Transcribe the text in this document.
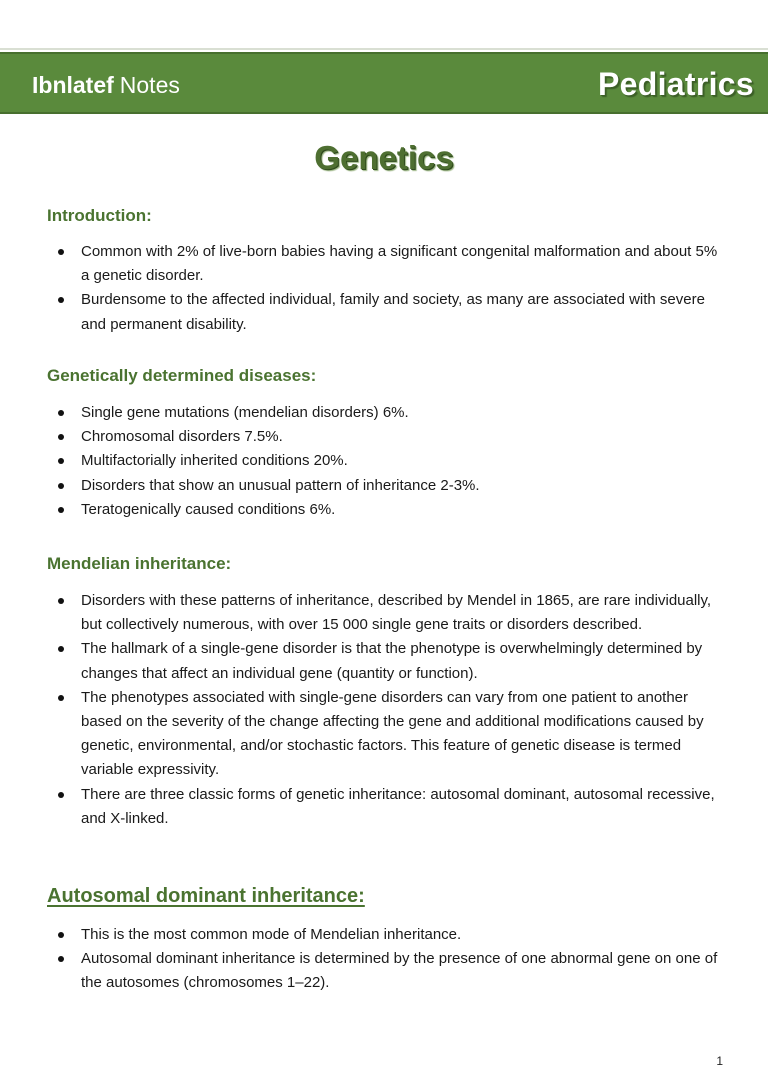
Ibnlatef Notes	Pediatrics
Genetics
Introduction:
Common with 2% of live-born babies having a significant congenital malformation and about 5% a genetic disorder.
Burdensome to the affected individual, family and society, as many are associated with severe and permanent disability.
Genetically determined diseases:
Single gene mutations (mendelian disorders) 6%.
Chromosomal disorders 7.5%.
Multifactorially inherited conditions 20%.
Disorders that show an unusual pattern of inheritance 2-3%.
Teratogenically caused conditions 6%.
Mendelian inheritance:
Disorders with these patterns of inheritance, described by Mendel in 1865, are rare individually, but collectively numerous, with over 15 000 single gene traits or disorders described.
The hallmark of a single-gene disorder is that the phenotype is overwhelmingly determined by changes that affect an individual gene (quantity or function).
The phenotypes associated with single-gene disorders can vary from one patient to another based on the severity of the change affecting the gene and additional modifications caused by genetic, environmental, and/or stochastic factors. This feature of genetic disease is termed variable expressivity.
There are three classic forms of genetic inheritance: autosomal dominant, autosomal recessive, and X-linked.
Autosomal dominant inheritance:
This is the most common mode of Mendelian inheritance.
Autosomal dominant inheritance is determined by the presence of one abnormal gene on one of the autosomes (chromosomes 1–22).
1
